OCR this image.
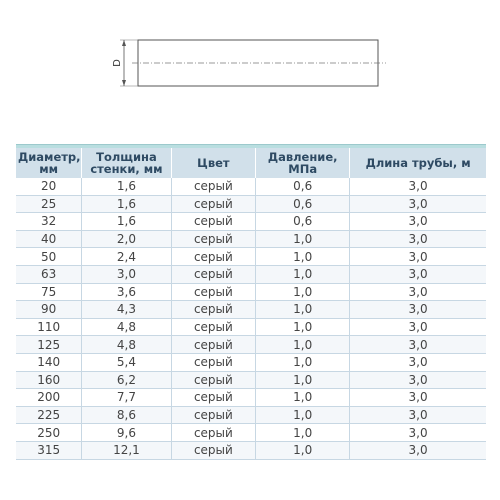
D
Диаметр, мм	Толщина стенки, мм	Цвет	Давление, МПа	Длина трубы, м
20	1,6	серый	0,6	3,0
25	1,6	серый	0,6	3,0
32	1,6	серый	0,6	3,0
40	2,0	серый	1,0	3,0
50	2,4	серый	1,0	3,0
63	3,0	серый	1,0	3,0
75	3,6	серый	1,0	3,0
90	4,3	серый	1,0	3,0
110	4,8	серый	1,0	3,0
125	4,8	серый	1,0	3,0
140	5,4	серый	1,0	3,0
160	6,2	серый	1,0	3,0
200	7,7	серый	1,0	3,0
225	8,6	серый	1,0	3,0
250	9,6	серый	1,0	3,0
315	12,1	серый	1,0	3,0
